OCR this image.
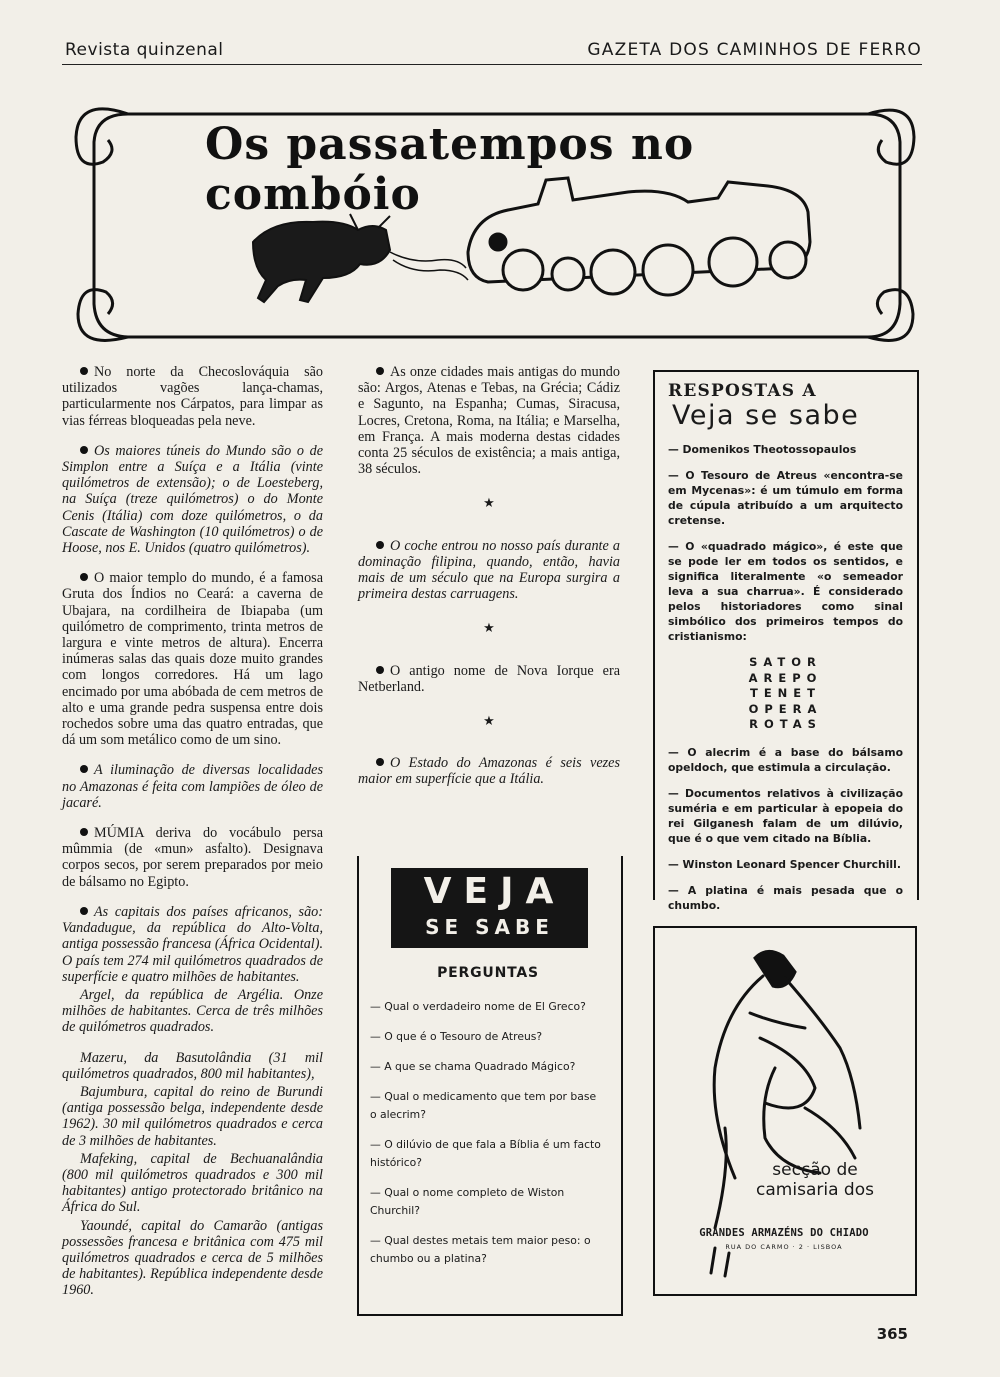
Revista quinzenal	GAZETA DOS CAMINHOS DE FERRO
Os passatempos no
combóio

No norte da Checoslováquia são utilizados vagões lança-chamas, particularmente nos Cárpatos, para limpar as vias férreas bloqueadas pela neve.

Os maiores túneis do Mundo são o de Simplon entre a Suíça e a Itália (vinte quilómetros de extensão); o de Loesteberg, na Suíça (treze quilómetros) o do Monte Cenis (Itália) com doze quilómetros, o da Cascate de Washington (10 quilómetros) o de Hoose, nos E. Unidos (quatro quilómetros).

O maior templo do mundo, é a famosa Gruta dos Índios no Ceará: a caverna de Ubajara, na cordilheira de Ibiapaba (um quilómetro de comprimento, trinta metros de largura e vinte metros de altura). Encerra inúmeras salas das quais doze muito grandes com longos corredores. Há um lago encimado por uma abóbada de cem metros de alto e uma grande pedra suspensa entre dois rochedos sobre uma das quatro entradas, que dá um som metálico como de um sino.

A iluminação de diversas localidades no Amazonas é feita com lampiões de óleo de jacaré.

MÚMIA deriva do vocábulo persa mûmmia (de «mun» asfalto). Designava corpos secos, por serem preparados por meio de bálsamo no Egipto.

As capitais dos países africanos, são: Vandadugue, da república do Alto-Volta, antiga possessão francesa (África Ocidental). O país tem 274 mil quilómetros quadrados de superfície e quatro milhões de habitantes.

Argel, da república de Argélia. Onze milhões de habitantes. Cerca de três milhões de quilómetros quadrados.

Mazeru, da Basutolândia (31 mil quilómetros quadrados, 800 mil habitantes),

Bajumbura, capital do reino de Burundi (antiga possessão belga, independente desde 1962). 30 mil quilómetros quadrados e cerca de 3 milhões de habitantes.

Mafeking, capital de Bechuanalândia (800 mil quilómetros quadrados e 300 mil habitantes) antigo protectorado britânico na África do Sul.

Yaoundé, capital do Camarão (antigas possessões francesa e britânica com 475 mil quilómetros quadrados e cerca de 5 milhões de habitantes). República independente desde 1960.

As onze cidades mais antigas do mundo são: Argos, Atenas e Tebas, na Grécia; Cádiz e Sagunto, na Espanha; Cumas, Siracusa, Locres, Cretona, Roma, na Itália; e Marselha, em França. A mais moderna destas cidades conta 25 séculos de existência; a mais antiga, 38 séculos.

★

O coche entrou no nosso país durante a dominação filipina, quando, então, havia mais de um século que na Europa surgira a primeira destas carruagens.

★

O antigo nome de Nova Iorque era Netberland.

★

O Estado do Amazonas é seis vezes maior em superfície que a Itália.

RESPOSTAS A
Veja se sabe

— Domenikos Theotossopaulos

— O Tesouro de Atreus «encontra-se em Mycenas»: é um túmulo em forma de cúpula atribuído a um arquitecto cretense.

— O «quadrado mágico», é este que se pode ler em todos os sentidos, e significa literalmente «o semeador leva a sua charrua». É considerado pelos historiadores como sinal simbólico dos primeiros tempos do cristianismo:

SATOR
AREPO
TENET
OPERA
ROTAS

— O alecrim é a base do bálsamo opeldoch, que estimula a circulação.

— Documentos relativos à civilização suméria e em particular à epopeia do rei Gilganesh falam de um dilúvio, que é o que vem citado na Bíblia.

— Winston Leonard Spencer Churchill.

— A platina é mais pesada que o chumbo.

VEJA
SE SABE
PERGUNTAS

— Qual o verdadeiro nome de El Greco?

— O que é o Tesouro de Atreus?

— A que se chama Quadrado Mágico?

— Qual o medicamento que tem por base o alecrim?

— O dilúvio de que fala a Bíblia é um facto histórico?

— Qual o nome completo de Wiston Churchil?

— Qual destes metais tem maior peso: o chumbo ou a platina?

secção de
camisaria dos
GRANDES ARMAZÉNS DO CHIADO
RUA DO CARMO · 2 · LISBOA
365
